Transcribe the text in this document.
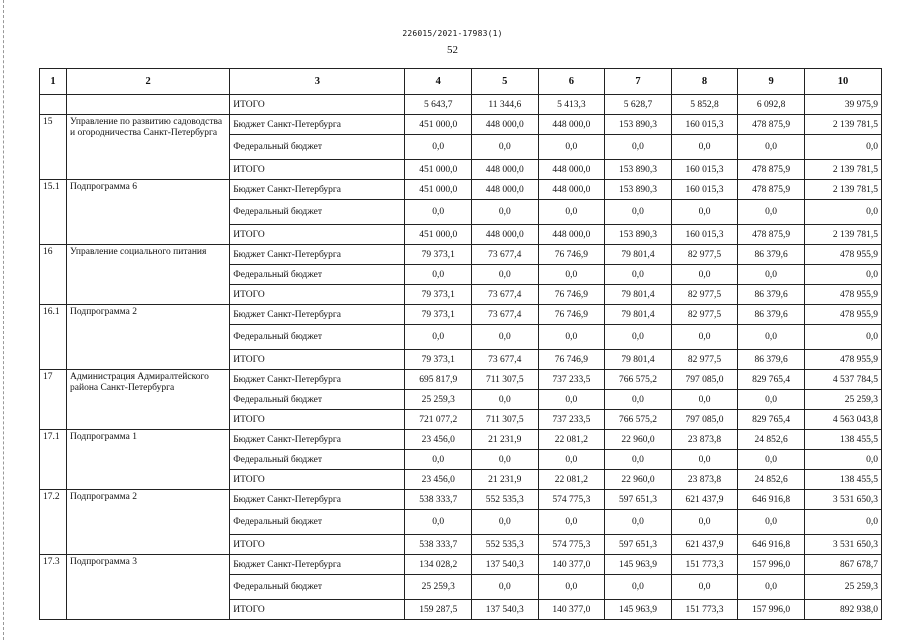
226015/2021-17983(1)
52
1	2	3	4	5	6	7	8	9	10
		ИТОГО	5 643,7	11 344,6	5 413,3	5 628,7	5 852,8	6 092,8	39 975,9
15	Управление по развитию садоводства и огородничества Санкт-Петербурга	Бюджет Санкт-Петербурга	451 000,0	448 000,0	448 000,0	153 890,3	160 015,3	478 875,9	2 139 781,5
		Федеральный бюджет	0,0	0,0	0,0	0,0	0,0	0,0	0,0
		ИТОГО	451 000,0	448 000,0	448 000,0	153 890,3	160 015,3	478 875,9	2 139 781,5
15.1	Подпрограмма 6	Бюджет Санкт-Петербурга	451 000,0	448 000,0	448 000,0	153 890,3	160 015,3	478 875,9	2 139 781,5
		Федеральный бюджет	0,0	0,0	0,0	0,0	0,0	0,0	0,0
		ИТОГО	451 000,0	448 000,0	448 000,0	153 890,3	160 015,3	478 875,9	2 139 781,5
16	Управление социального питания	Бюджет Санкт-Петербурга	79 373,1	73 677,4	76 746,9	79 801,4	82 977,5	86 379,6	478 955,9
		Федеральный бюджет	0,0	0,0	0,0	0,0	0,0	0,0	0,0
		ИТОГО	79 373,1	73 677,4	76 746,9	79 801,4	82 977,5	86 379,6	478 955,9
16.1	Подпрограмма 2	Бюджет Санкт-Петербурга	79 373,1	73 677,4	76 746,9	79 801,4	82 977,5	86 379,6	478 955,9
		Федеральный бюджет	0,0	0,0	0,0	0,0	0,0	0,0	0,0
		ИТОГО	79 373,1	73 677,4	76 746,9	79 801,4	82 977,5	86 379,6	478 955,9
17	Администрация Адмиралтейского района Санкт-Петербурга	Бюджет Санкт-Петербурга	695 817,9	711 307,5	737 233,5	766 575,2	797 085,0	829 765,4	4 537 784,5
		Федеральный бюджет	25 259,3	0,0	0,0	0,0	0,0	0,0	25 259,3
		ИТОГО	721 077,2	711 307,5	737 233,5	766 575,2	797 085,0	829 765,4	4 563 043,8
17.1	Подпрограмма 1	Бюджет Санкт-Петербурга	23 456,0	21 231,9	22 081,2	22 960,0	23 873,8	24 852,6	138 455,5
		Федеральный бюджет	0,0	0,0	0,0	0,0	0,0	0,0	0,0
		ИТОГО	23 456,0	21 231,9	22 081,2	22 960,0	23 873,8	24 852,6	138 455,5
17.2	Подпрограмма 2	Бюджет Санкт-Петербурга	538 333,7	552 535,3	574 775,3	597 651,3	621 437,9	646 916,8	3 531 650,3
		Федеральный бюджет	0,0	0,0	0,0	0,0	0,0	0,0	0,0
		ИТОГО	538 333,7	552 535,3	574 775,3	597 651,3	621 437,9	646 916,8	3 531 650,3
17.3	Подпрограмма 3	Бюджет Санкт-Петербурга	134 028,2	137 540,3	140 377,0	145 963,9	151 773,3	157 996,0	867 678,7
		Федеральный бюджет	25 259,3	0,0	0,0	0,0	0,0	0,0	25 259,3
		ИТОГО	159 287,5	137 540,3	140 377,0	145 963,9	151 773,3	157 996,0	892 938,0
